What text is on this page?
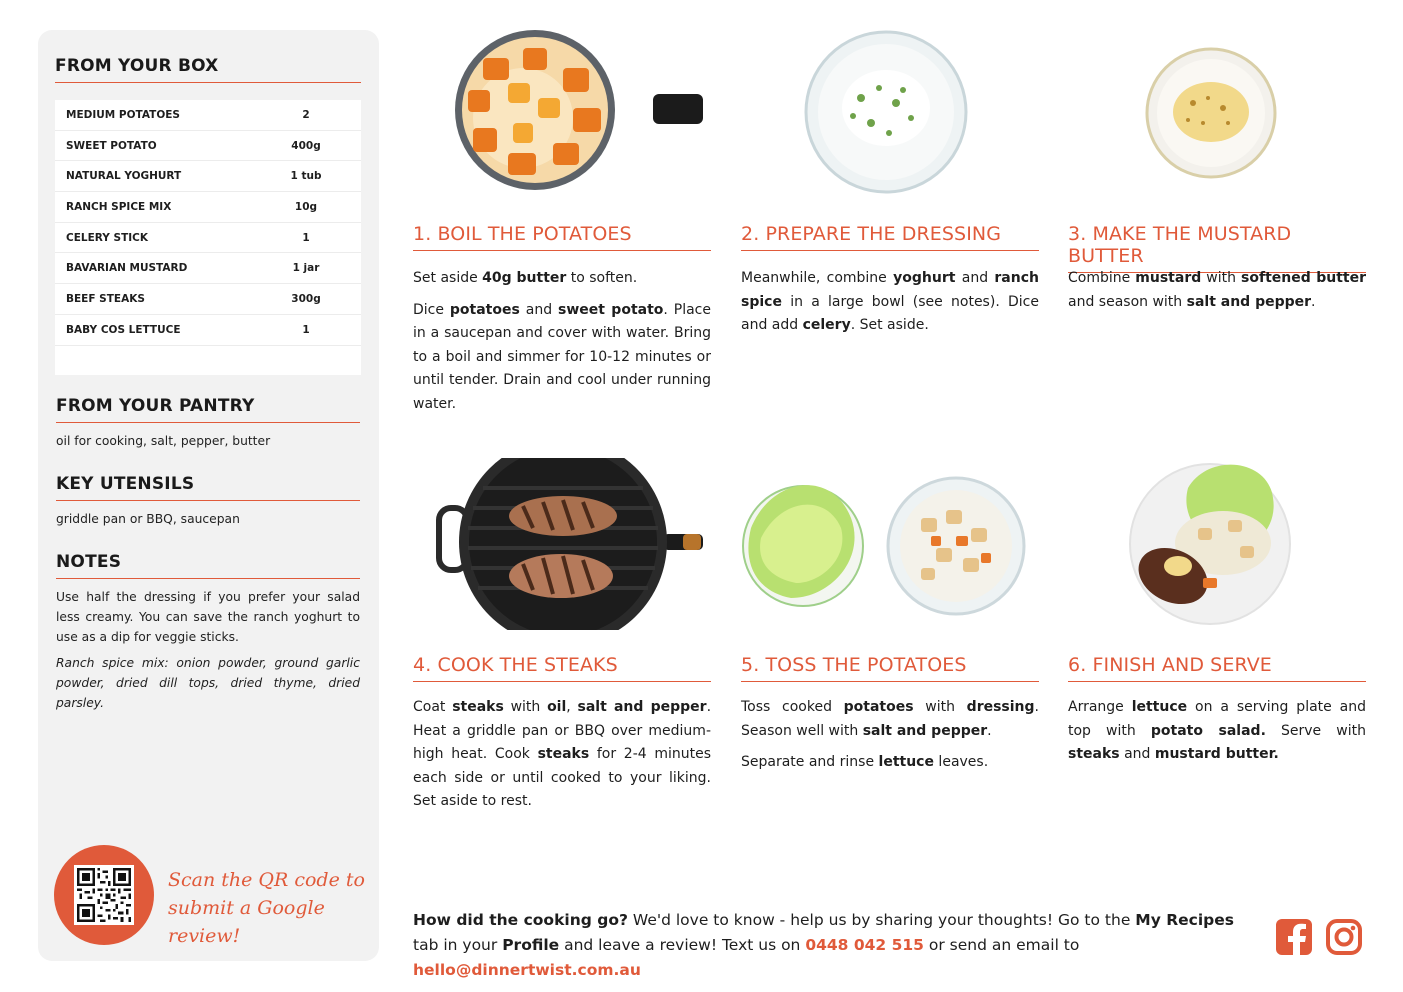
FROM YOUR BOX
MEDIUM POTATOES	2
SWEET POTATO	400g
NATURAL YOGHURT	1 tub
RANCH SPICE MIX	10g
CELERY STICK	1
BAVARIAN MUSTARD	1 jar
BEEF STEAKS	300g
BABY COS LETTUCE	1
FROM YOUR PANTRY

oil for cooking, salt, pepper, butter

KEY UTENSILS

griddle pan or BBQ, saucepan

NOTES

Use half the dressing if you prefer your salad less creamy. You can save the ranch yoghurt to use as a dip for veggie sticks.

Ranch spice mix: onion powder, ground garlic powder, dried dill tops, dried thyme, dried parsley.

Scan the QR code to
submit a Google review!
1. BOIL THE POTATOES

Set aside 40g butter to soften.

Dice potatoes and sweet potato. Place in a saucepan and cover with water. Bring to a boil and simmer for 10-12 minutes or until tender. Drain and cool under running water.

2. PREPARE THE DRESSING

Meanwhile, combine yoghurt and ranch spice in a large bowl (see notes). Dice and add celery. Set aside.

3. MAKE THE MUSTARD BUTTER

Combine mustard with softened butter and season with salt and pepper.

4. COOK THE STEAKS

Coat steaks with oil, salt and pepper. Heat a griddle pan or BBQ over medium-high heat. Cook steaks for 2-4 minutes each side or until cooked to your liking. Set aside to rest.

5. TOSS THE POTATOES

Toss cooked potatoes with dressing. Season well with salt and pepper.

Separate and rinse lettuce leaves.

6. FINISH AND SERVE

Arrange lettuce on a serving plate and top with potato salad. Serve with steaks and mustard butter.

How did the cooking go? We'd love to know - help us by sharing your thoughts! Go to the My Recipes tab in your Profile and leave a review! Text us on 0448 042 515 or send an email to hello@dinnertwist.com.au
